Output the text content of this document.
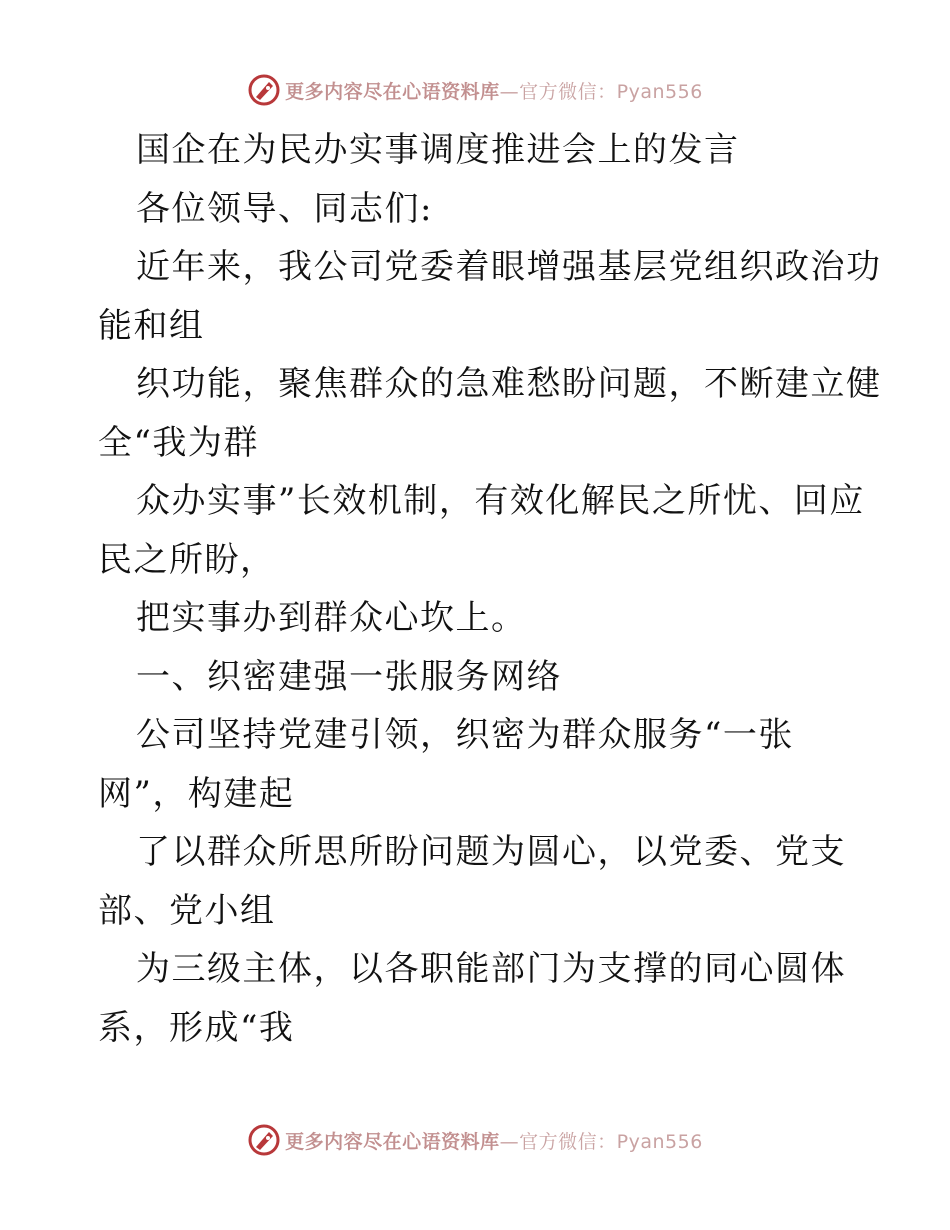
更多内容尽在心语资料库—官方微信：Pyan556
国企在为民办实事调度推进会上的发言
各位领导、同志们:
近年来，我公司党委着眼增强基层党组织政治功
能和组
织功能，聚焦群众的急难愁盼问题，不断建立健
全“我为群
众办实事”长效机制，有效化解民之所忧、回应
民之所盼，
把实事办到群众心坎上。
一、织密建强一张服务网络
公司坚持党建引领，织密为群众服务“一张
网”，构建起
了以群众所思所盼问题为圆心，以党委、党支
部、党小组
为三级主体，以各职能部门为支撑的同心圆体
系，形成“我
更多内容尽在心语资料库—官方微信：Pyan556
